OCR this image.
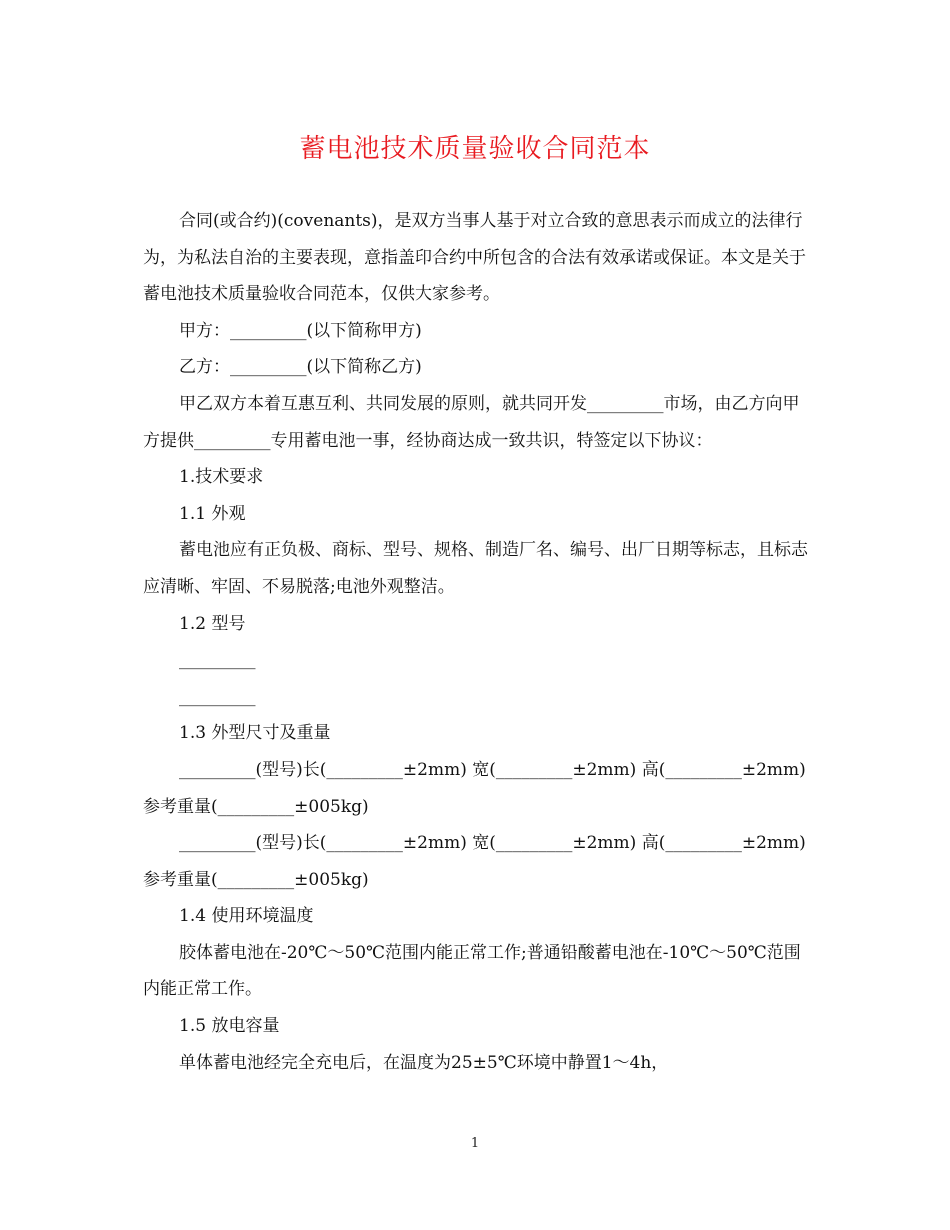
蓄电池技术质量验收合同范本

合同(或合约)(covenants)，是双方当事人基于对立合致的意思表示而成立的法律行为，为私法自治的主要表现，意指盖印合约中所包含的合法有效承诺或保证。本文是关于蓄电池技术质量验收合同范本，仅供大家参考。

甲方：_________(以下简称甲方)

乙方：_________(以下简称乙方)

甲乙双方本着互惠互利、共同发展的原则，就共同开发_________市场，由乙方向甲方提供_________专用蓄电池一事，经协商达成一致共识，特签定以下协议：

1.技术要求

1.1 外观

蓄电池应有正负极、商标、型号、规格、制造厂名、编号、出厂日期等标志，且标志应清晰、牢固、不易脱落;电池外观整洁。

1.2 型号

_________

_________

1.3 外型尺寸及重量

_________(型号)长(_________±2mm) 宽(_________±2mm) 高(_________±2mm) 参考重量(_________±005kg)

_________(型号)长(_________±2mm) 宽(_________±2mm) 高(_________±2mm) 参考重量(_________±005kg)

1.4 使用环境温度

胶体蓄电池在-20℃～50℃范围内能正常工作;普通铅酸蓄电池在-10℃～50℃范围内能正常工作。

1.5 放电容量

单体蓄电池经完全充电后，在温度为25±5℃环境中静置1～4h，

1
